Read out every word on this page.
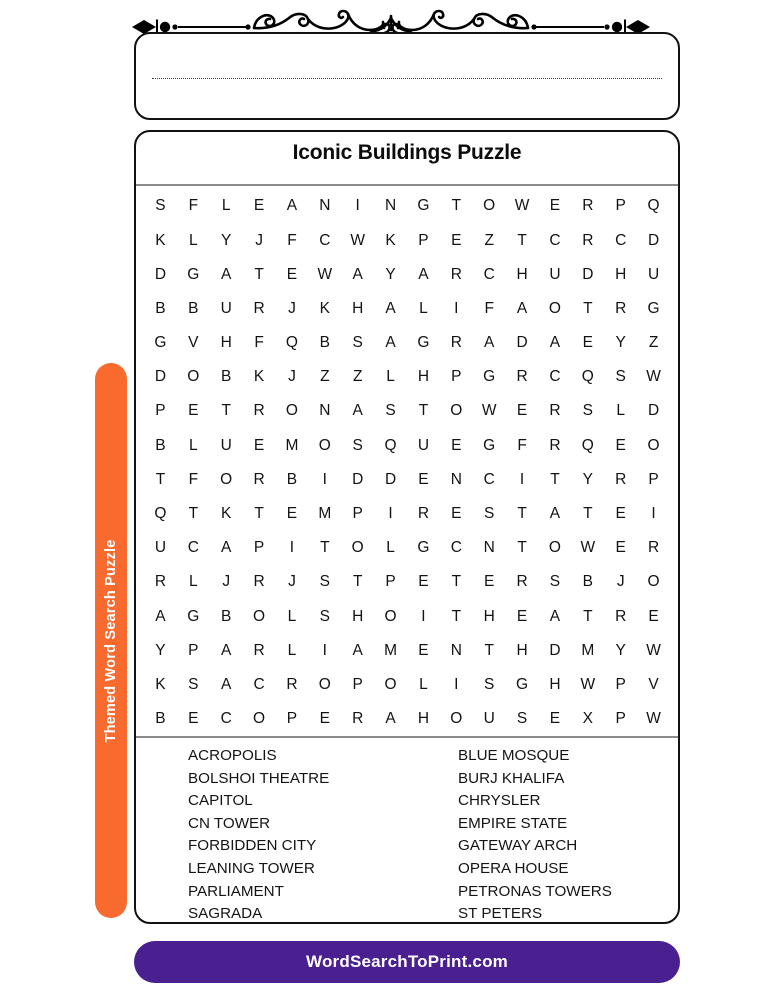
Themed Word Search Puzzle
Iconic Buildings Puzzle
S F L E A N I N G T O W E R P Q
K L Y J F C W K P E Z T C R C D
D G A T E W A Y A R C H U D H U
B B U R J K H A L I F A O T R G
G V H F Q B S A G R A D A E Y Z
D O B K J Z Z L H P G R C Q S W
P E T R O N A S T O W E R S L D
B L U E M O S Q U E G F R Q E O
T F O R B I D D E N C I T Y R P
Q T K T E M P I R E S T A T E I
U C A P I T O L G C N T O W E R
R L J R J S T P E T E R S B J O
A G B O L S H O I T H E A T R E
Y P A R L I A M E N T H D M Y W
K S A C R O P O L I S G H W P V
B E C O P E R A H O U S E X P W
ACROPOLIS
BOLSHOI THEATRE
CAPITOL
CN TOWER
FORBIDDEN CITY
LEANING TOWER
PARLIAMENT
SAGRADA
BLUE MOSQUE
BURJ KHALIFA
CHRYSLER
EMPIRE STATE
GATEWAY ARCH
OPERA HOUSE
PETRONAS TOWERS
ST PETERS
WordSearchToPrint.com
